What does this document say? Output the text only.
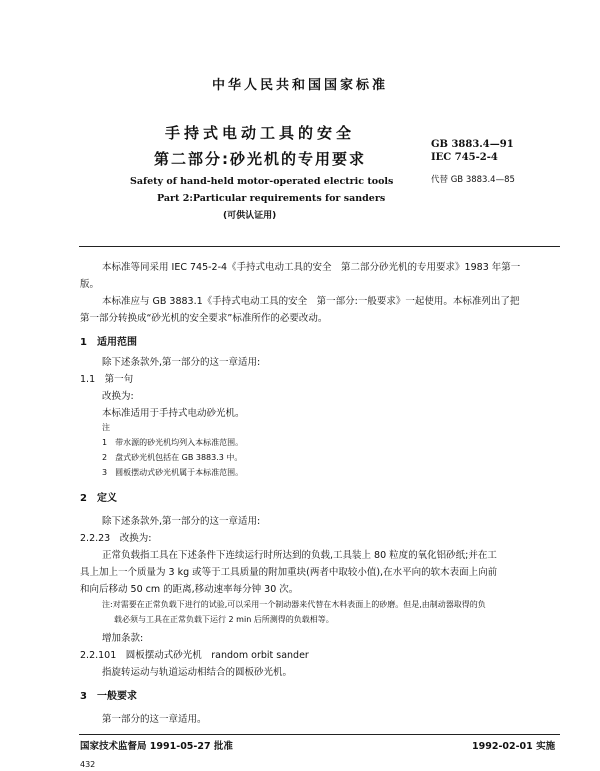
中华人民共和国国家标准
手持式电动工具的安全
第二部分:砂光机的专用要求
GB 3883.4—91
IEC 745-2-4
代替 GB 3883.4—85
Safety of hand-held motor-operated electric tools
Part 2:Particular requirements for sanders
(可供认证用)
本标准等同采用 IEC 745-2-4《手持式电动工具的安全　第二部分砂光机的专用要求》1983 年第一
版。
本标准应与 GB 3883.1《手持式电动工具的安全　第一部分:一般要求》一起使用。本标准列出了把
第一部分转换成“砂光机的安全要求”标准所作的必要改动。
1　适用范围
除下述条款外,第一部分的这一章适用:
1.1　第一句
改换为:
本标准适用于手持式电动砂光机。
注
1　带水源的砂光机均列入本标准范围。
2　盘式砂光机包括在 GB 3883.3 中。
3　圆板摆动式砂光机属于本标准范围。
2　定义
除下述条款外,第一部分的这一章适用:
2.2.23　改换为:
正常负载指工具在下述条件下连续运行时所达到的负载,工具装上 80 粒度的氧化铝砂纸;并在工
具上加上一个质量为 3 kg 或等于工具质量的附加重块(两者中取较小值),在水平向的软木表面上向前
和向后移动 50 cm 的距离,移动速率每分钟 30 次。
注:对需要在正常负载下进行的试验,可以采用一个制动器来代替在木料表面上的砂磨。但是,由制动器取得的负
载必须与工具在正常负载下运行 2 min 后所测得的负载相等。
增加条款:
2.2.101　圆板摆动式砂光机　random orbit sander
指旋转运动与轨道运动相结合的圆板砂光机。
3　一般要求
第一部分的这一章适用。
国家技术监督局 1991-05-27 批准	1992-02-01 实施
432
